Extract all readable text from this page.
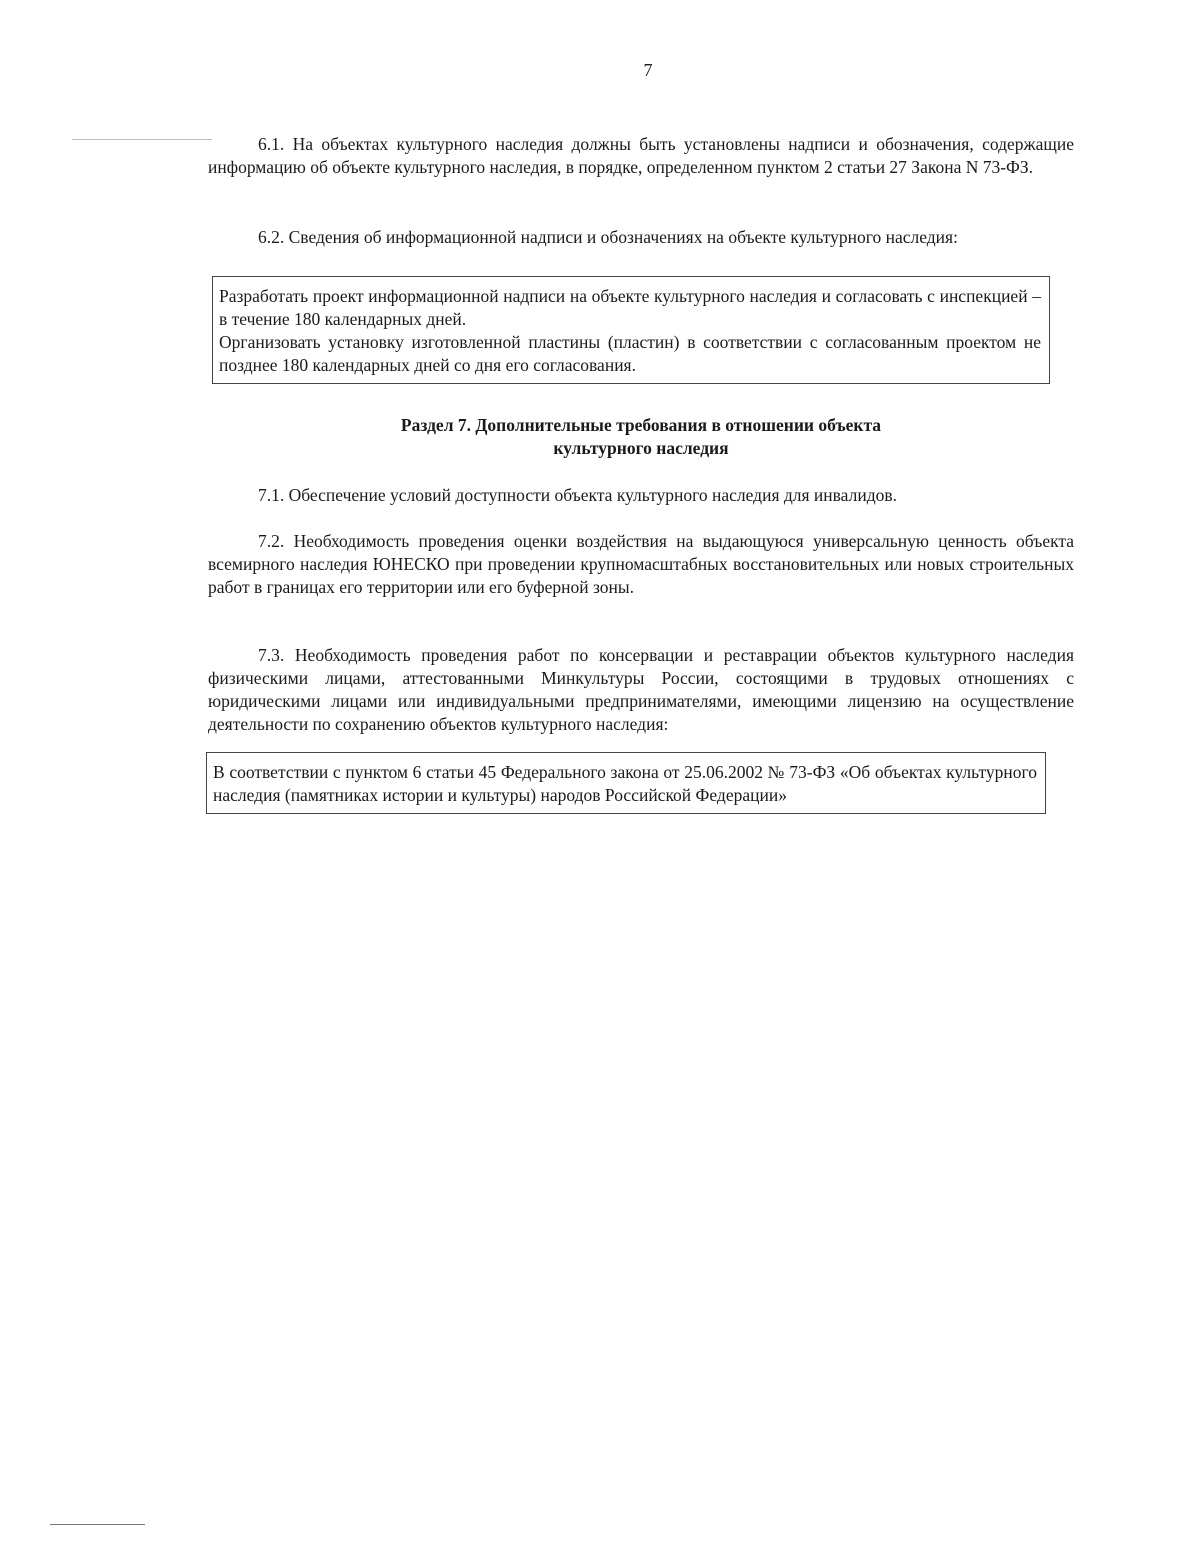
7

6.1. На объектах культурного наследия должны быть установлены надписи и обозначения, содержащие информацию об объекте культурного наследия, в порядке, определенном пунктом 2 статьи 27 Закона N 73-ФЗ.

6.2. Сведения об информационной надписи и обозначениях на объекте культурного наследия:

Разработать проект информационной надписи на объекте культурного наследия и согласовать с инспекцией – в течение 180 календарных дней.

Организовать установку изготовленной пластины (пластин) в соответствии с согласованным проектом не позднее 180 календарных дней со дня его согласования.

Раздел 7. Дополнительные требования в отношении объекта
культурного наследия

7.1. Обеспечение условий доступности объекта культурного наследия для инвалидов.

7.2. Необходимость проведения оценки воздействия на выдающуюся универсальную ценность объекта всемирного наследия ЮНЕСКО при проведении крупномасштабных восстановительных или новых строительных работ в границах его территории или его буферной зоны.

7.3. Необходимость проведения работ по консервации и реставрации объектов культурного наследия физическими лицами, аттестованными Минкультуры России, состоящими в трудовых отношениях с юридическими лицами или индивидуальными предпринимателями, имеющими лицензию на осуществление деятельности по сохранению объектов культурного наследия:

В соответствии с пунктом 6 статьи 45 Федерального закона от 25.06.2002 № 73-ФЗ «Об объектах культурного наследия (памятниках истории и культуры) народов Российской Федерации»
